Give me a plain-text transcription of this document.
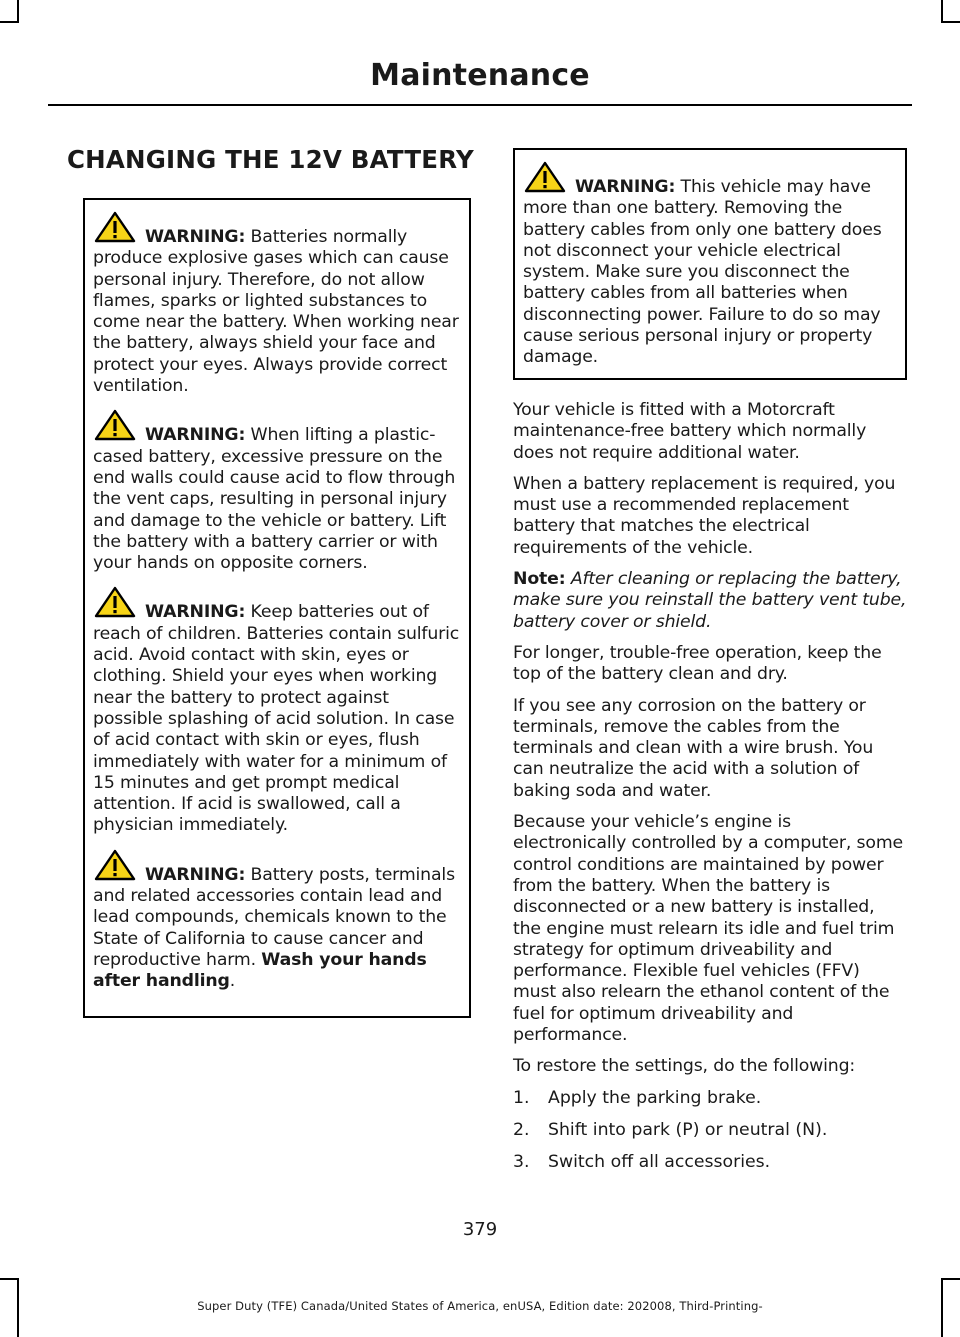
Maintenance
CHANGING THE 12V BATTERY

WARNING: Batteries normally produce explosive gases which can cause personal injury. Therefore, do not allow flames, sparks or lighted substances to come near the battery. When working near the battery, always shield your face and protect your eyes. Always provide correct ventilation.

WARNING: When lifting a plastic-cased battery, excessive pressure on the end walls could cause acid to flow through the vent caps, resulting in personal injury and damage to the vehicle or battery. Lift the battery with a battery carrier or with your hands on opposite corners.

WARNING: Keep batteries out of reach of children. Batteries contain sulfuric acid. Avoid contact with skin, eyes or clothing. Shield your eyes when working near the battery to protect against possible splashing of acid solution. In case of acid contact with skin or eyes, flush immediately with water for a minimum of 15 minutes and get prompt medical attention. If acid is swallowed, call a physician immediately.

WARNING: Battery posts, terminals and related accessories contain lead and lead compounds, chemicals known to the State of California to cause cancer and reproductive harm. Wash your hands after handling.

WARNING: This vehicle may have more than one battery. Removing the battery cables from only one battery does not disconnect your vehicle electrical system. Make sure you disconnect the battery cables from all batteries when disconnecting power. Failure to do so may cause serious personal injury or property damage.

Your vehicle is fitted with a Motorcraft maintenance-free battery which normally does not require additional water.

When a battery replacement is required, you must use a recommended replacement battery that matches the electrical requirements of the vehicle.

Note: After cleaning or replacing the battery, make sure you reinstall the battery vent tube, battery cover or shield.

For longer, trouble-free operation, keep the top of the battery clean and dry.

If you see any corrosion on the battery or terminals, remove the cables from the terminals and clean with a wire brush. You can neutralize the acid with a solution of baking soda and water.

Because your vehicle’s engine is electronically controlled by a computer, some control conditions are maintained by power from the battery. When the battery is disconnected or a new battery is installed, the engine must relearn its idle and fuel trim strategy for optimum driveability and performance. Flexible fuel vehicles (FFV) must also relearn the ethanol content of the fuel for optimum driveability and performance.

To restore the settings, do the following:

1.	Apply the parking brake.
2.	Shift into park (P) or neutral (N).
3.	Switch off all accessories.

379

Super Duty (TFE) Canada/United States of America, enUSA, Edition date: 202008, Third-Printing-
